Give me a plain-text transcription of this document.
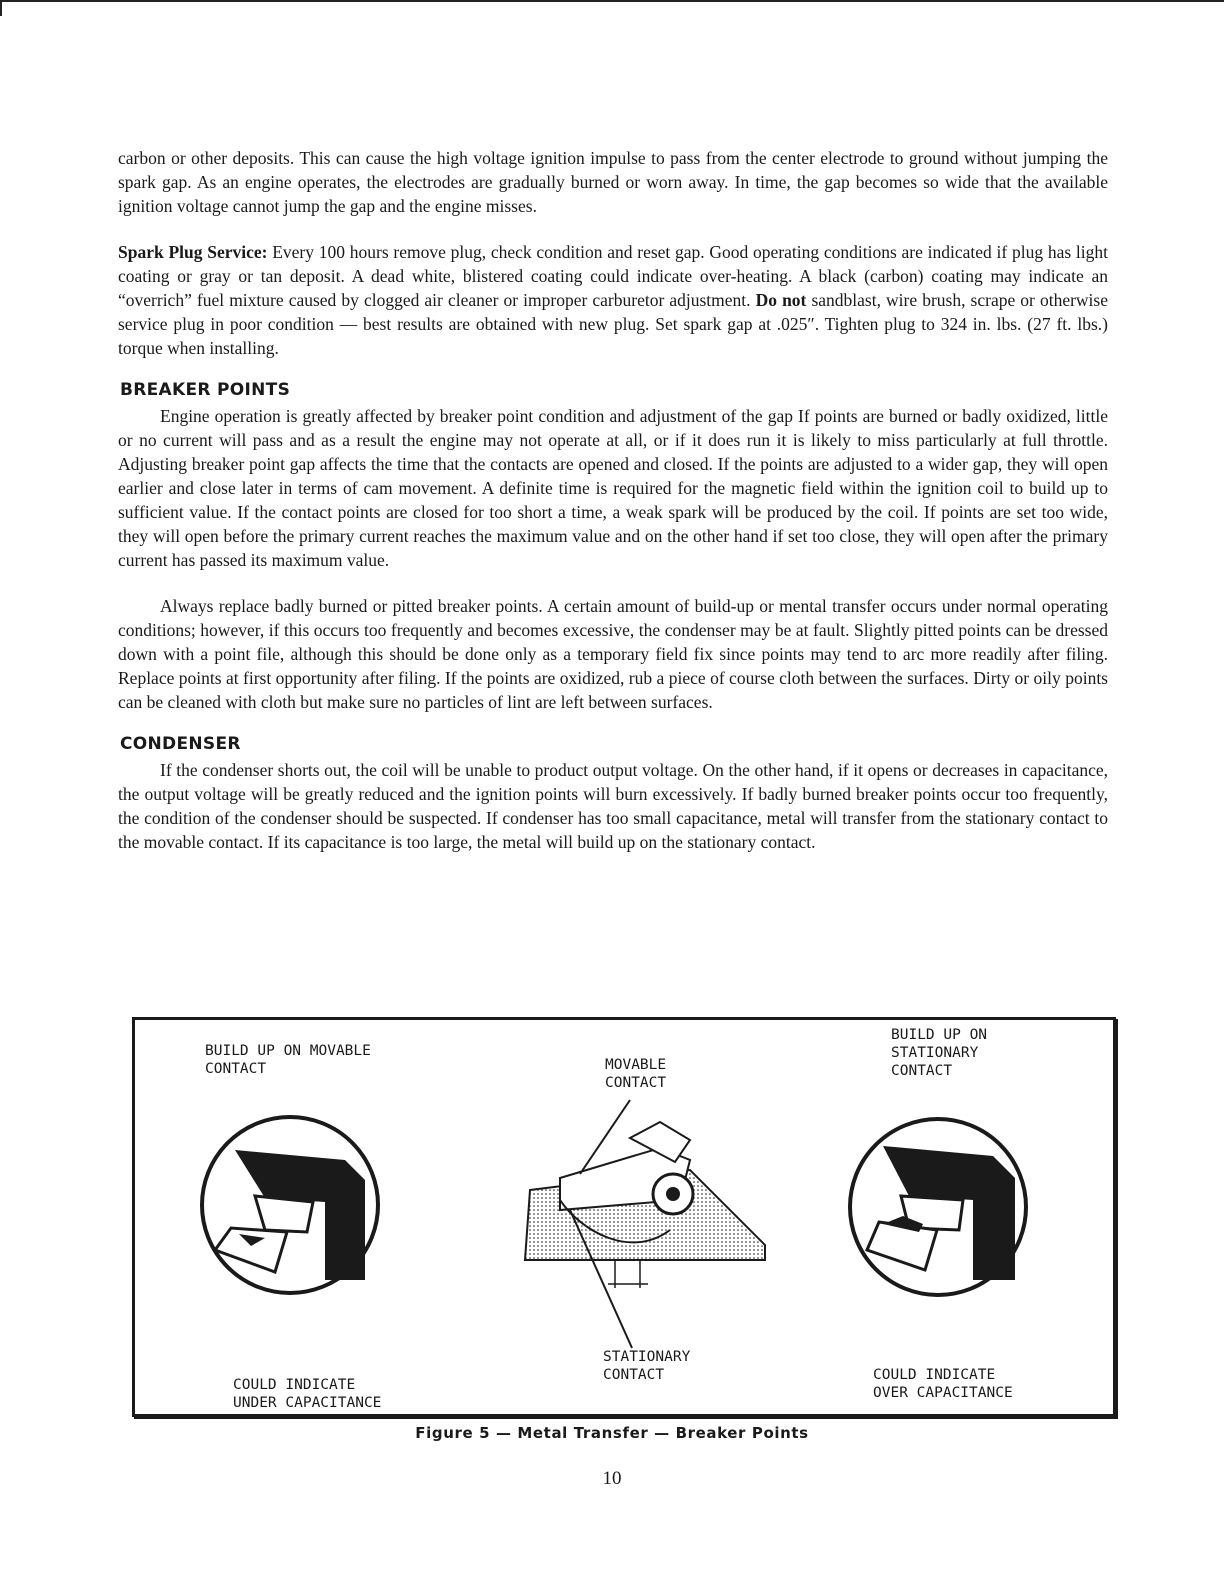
carbon or other deposits. This can cause the high voltage ignition impulse to pass from the center electrode to ground without jumping the spark gap. As an engine operates, the electrodes are gradually burned or worn away. In time, the gap becomes so wide that the available ignition voltage cannot jump the gap and the engine misses.

Spark Plug Service: Every 100 hours remove plug, check condition and reset gap. Good operating conditions are indicated if plug has light coating or gray or tan deposit. A dead white, blistered coating could indicate over-heating. A black (carbon) coating may indicate an “overrich” fuel mixture caused by clogged air cleaner or improper carburetor adjustment. Do not sandblast, wire brush, scrape or otherwise service plug in poor condition — best results are obtained with new plug. Set spark gap at .025″. Tighten plug to 324 in. lbs. (27 ft. lbs.) torque when installing.

BREAKER POINTS

Engine operation is greatly affected by breaker point condition and adjustment of the gap If points are burned or badly oxidized, little or no current will pass and as a result the engine may not operate at all, or if it does run it is likely to miss particularly at full throttle. Adjusting breaker point gap affects the time that the contacts are opened and closed. If the points are adjusted to a wider gap, they will open earlier and close later in terms of cam movement. A definite time is required for the magnetic field within the ignition coil to build up to sufficient value. If the contact points are closed for too short a time, a weak spark will be produced by the coil. If points are set too wide, they will open before the primary current reaches the maximum value and on the other hand if set too close, they will open after the primary current has passed its maximum value.

Always replace badly burned or pitted breaker points. A certain amount of build-up or mental transfer occurs under normal operating conditions; however, if this occurs too frequently and becomes excessive, the condenser may be at fault. Slightly pitted points can be dressed down with a point file, although this should be done only as a temporary field fix since points may tend to arc more readily after filing. Replace points at first opportunity after filing. If the points are oxidized, rub a piece of course cloth between the surfaces. Dirty or oily points can be cleaned with cloth but make sure no particles of lint are left between surfaces.

CONDENSER

If the condenser shorts out, the coil will be unable to product output voltage. On the other hand, if it opens or decreases in capacitance, the output voltage will be greatly reduced and the ignition points will burn excessively. If badly burned breaker points occur too frequently, the condition of the condenser should be suspected. If condenser has too small capacitance, metal will transfer from the stationary contact to the movable contact. If its capacitance is too large, the metal will build up on the stationary contact.

BUILD UP ON MOVABLE
CONTACT	MOVABLE
CONTACT
BUILD UP ON
STATIONARY
CONTACT
STATIONARY
CONTACT
COULD INDICATE
UNDER CAPACITANCE
COULD INDICATE
OVER CAPACITANCE
Figure 5 — Metal Transfer — Breaker Points
10
